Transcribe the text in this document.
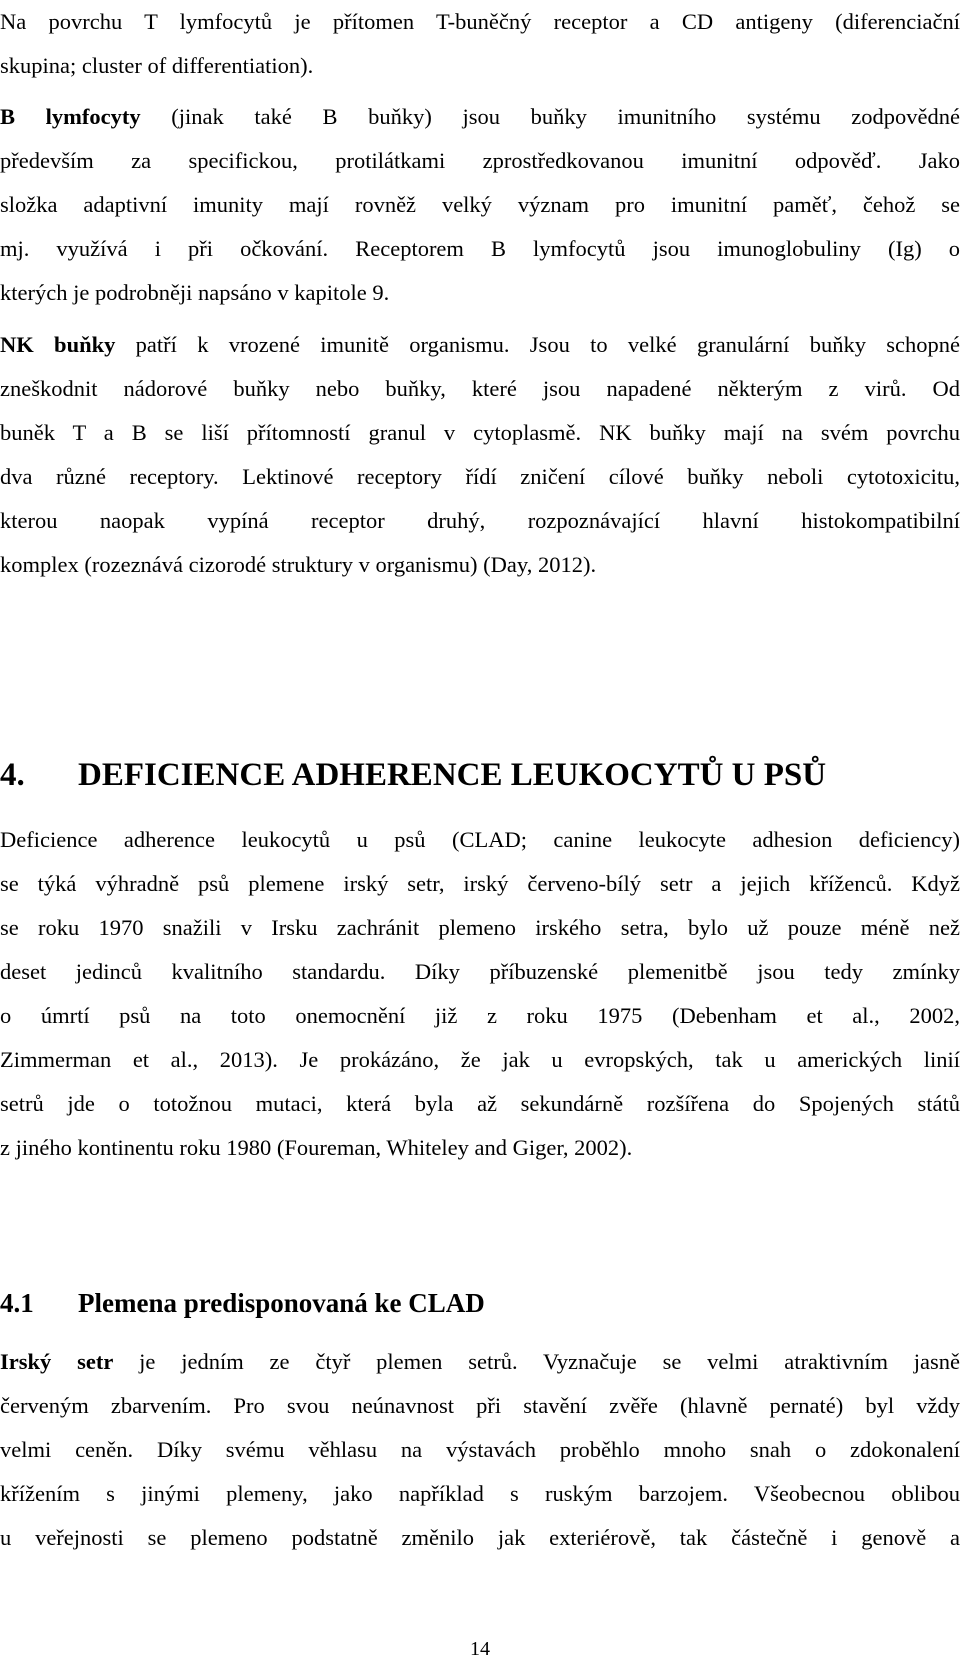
Na povrchu T lymfocytů je přítomen T-buněčný receptor a CD antigeny (diferenciační
skupina; cluster of differentiation).
B lymfocyty (jinak také B buňky) jsou buňky imunitního systému zodpovědné
především za specifickou, protilátkami zprostředkovanou imunitní odpověď. Jako
složka adaptivní imunity mají rovněž velký význam pro imunitní paměť, čehož se
mj. využívá i při očkování. Receptorem B lymfocytů jsou imunoglobuliny (Ig) o
kterých je podrobněji napsáno v kapitole 9.
NK buňky patří k vrozené imunitě organismu. Jsou to velké granulární buňky schopné
zneškodnit nádorové buňky nebo buňky, které jsou napadené některým z virů. Od
buněk T a B se liší přítomností granul v cytoplasmě. NK buňky mají na svém povrchu
dva různé receptory. Lektinové receptory řídí zničení cílové buňky neboli cytotoxicitu,
kterou naopak vypíná receptor druhý, rozpoznávající hlavní histokompatibilní
komplex (rozeznává cizorodé struktury v organismu) (Day, 2012).
4. DEFICIENCE ADHERENCE LEUKOCYTŮ U PSŮ
Deficience adherence leukocytů u psů (CLAD; canine leukocyte adhesion deficiency)
se týká výhradně psů plemene irský setr, irský červeno-bílý setr a jejich kříženců. Když
se roku 1970 snažili v Irsku zachránit plemeno irského setra, bylo už pouze méně než
deset jedinců kvalitního standardu. Díky příbuzenské plemenitbě jsou tedy zmínky
o úmrtí psů na toto onemocnění již z roku 1975 (Debenham et al., 2002,
Zimmerman et al., 2013). Je prokázáno, že jak u evropských, tak u amerických linií
setrů jde o totožnou mutaci, která byla až sekundárně rozšířena do Spojených států
z jiného kontinentu roku 1980 (Foureman, Whiteley and Giger, 2002).
4.1 Plemena predisponovaná ke CLAD
Irský setr je jedním ze čtyř plemen setrů. Vyznačuje se velmi atraktivním jasně
červeným zbarvením. Pro svou neúnavnost při stavění zvěře (hlavně pernaté) byl vždy
velmi ceněn. Díky svému věhlasu na výstavách proběhlo mnoho snah o zdokonalení
křížením s jinými plemeny, jako například s ruským barzojem. Všeobecnou oblibou
u veřejnosti se plemeno podstatně změnilo jak exteriérově, tak částečně i genově a
14
